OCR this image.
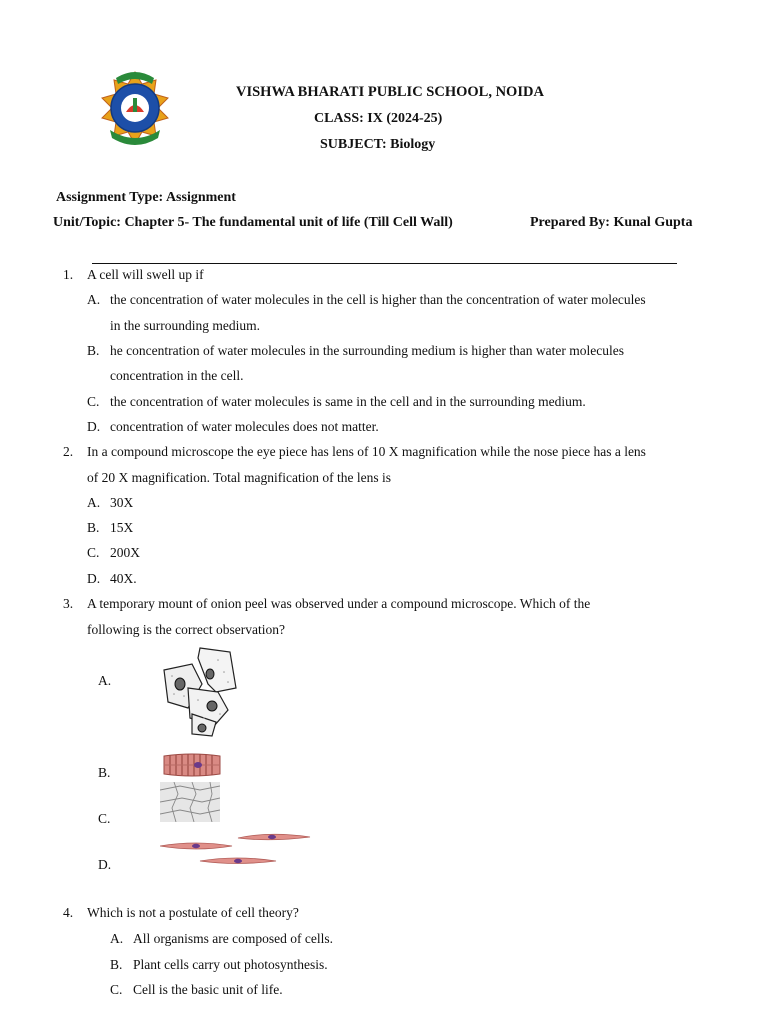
VISHWA BHARATI PUBLIC SCHOOL, NOIDA
CLASS: IX (2024-25)
SUBJECT: Biology
Assignment Type: Assignment
Unit/Topic: Chapter 5- The fundamental unit of life (Till Cell Wall)	Prepared By: Kunal Gupta
1. A cell will swell up if
A. the concentration of water molecules in the cell is higher than the concentration of water molecules
in the surrounding medium.
B. he concentration of water molecules in the surrounding medium is higher than water molecules
concentration in the cell.
C. the concentration of water molecules is same in the cell and in the surrounding medium.
D. concentration of water molecules does not matter.
2. In a compound microscope the eye piece has lens of 10 X magnification while the nose piece has a lens
of 20 X magnification. Total magnification of the lens is
A. 30X
B. 15X
C. 200X
D. 40X.
3. A temporary mount of onion peel was observed under a compound microscope. Which of the
following is the correct observation?
A.
B.
C.
D.
4. Which is not a postulate of cell theory?
A. All organisms are composed of cells.
B. Plant cells carry out photosynthesis.
C. Cell is the basic unit of life.
